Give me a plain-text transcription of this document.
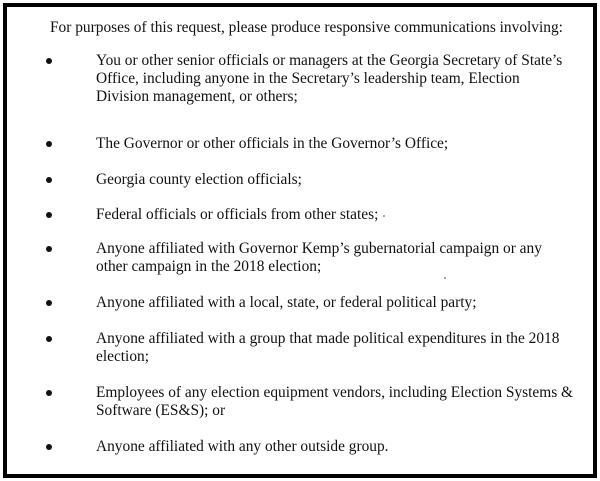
For purposes of this request, please produce responsive communications involving:

You or other senior officials or managers at the Georgia Secretary of State’s Office, including anyone in the Secretary’s leadership team, Election Division management, or others;

The Governor or other officials in the Governor’s Office;

Georgia county election officials;

Federal officials or officials from other states;

Anyone affiliated with Governor Kemp’s gubernatorial campaign or any other campaign in the 2018 election;

Anyone affiliated with a local, state, or federal political party;

Anyone affiliated with a group that made political expenditures in the 2018 election;

Employees of any election equipment vendors, including Election Systems & Software (ES&S); or

Anyone affiliated with any other outside group.
